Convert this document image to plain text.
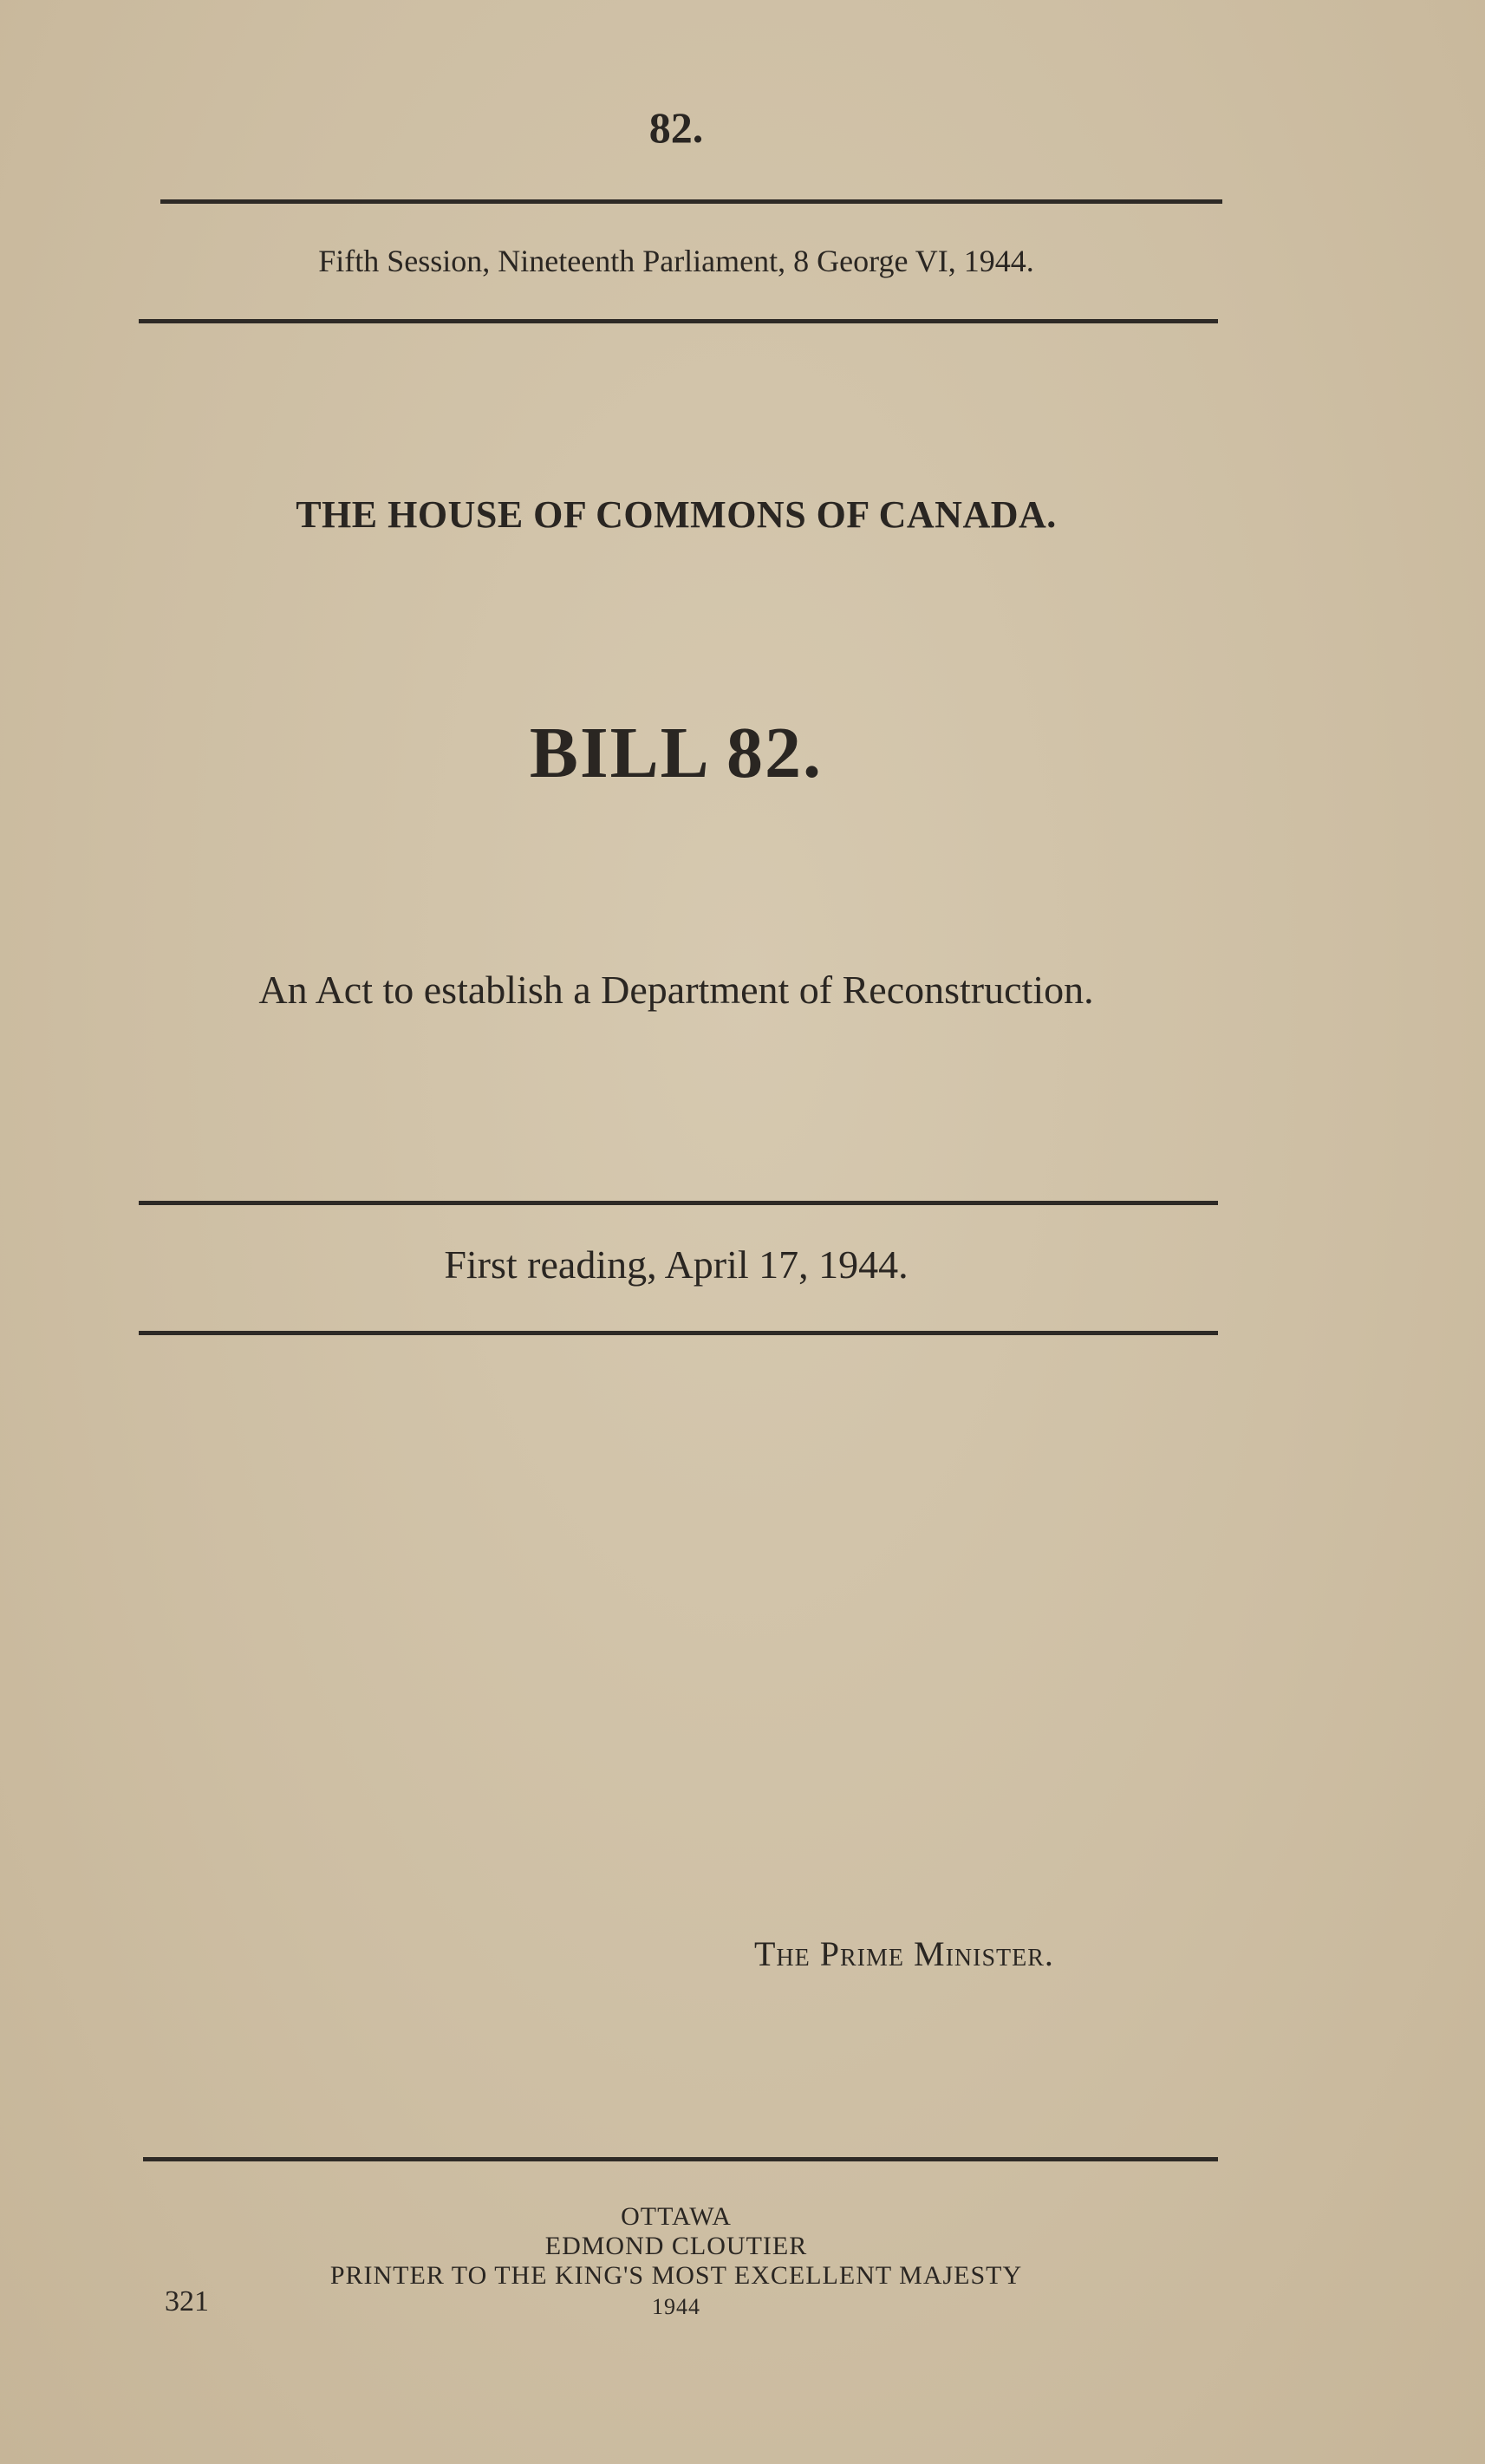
82.
Fifth Session, Nineteenth Parliament, 8 George VI, 1944.
THE HOUSE OF COMMONS OF CANADA.
BILL 82.
An Act to establish a Department of Reconstruction.
First reading, April 17, 1944.
The Prime Minister.
OTTAWA
EDMOND CLOUTIER
PRINTER TO THE KING'S MOST EXCELLENT MAJESTY
1944
321
